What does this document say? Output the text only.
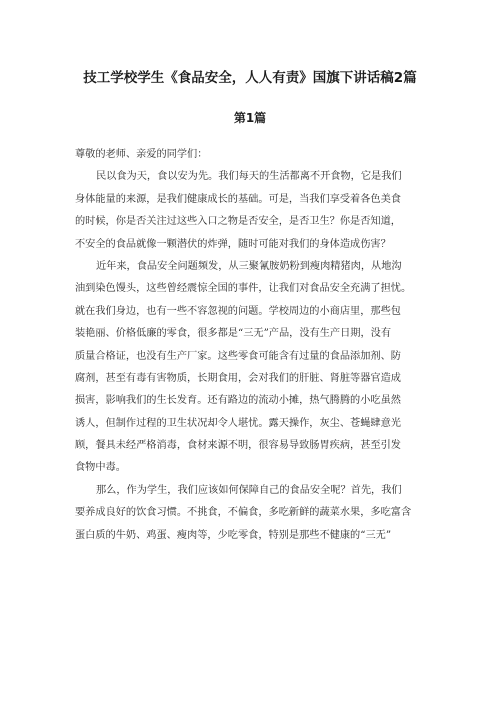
技工学校学生《食品安全，人人有责》国旗下讲话稿2篇
第1篇
尊敬的老师、亲爱的同学们：
民以食为天，食以安为先。我们每天的生活都离不开食物，它是我们
身体能量的来源，是我们健康成长的基础。可是，当我们享受着各色美食
的时候，你是否关注过这些入口之物是否安全，是否卫生？你是否知道，
不安全的食品就像一颗潜伏的炸弹，随时可能对我们的身体造成伤害？
近年来，食品安全问题频发，从三聚氰胺奶粉到瘦肉精猪肉，从地沟
油到染色馒头，这些曾经震惊全国的事件，让我们对食品安全充满了担忧。
就在我们身边，也有一些不容忽视的问题。学校周边的小商店里，那些包
装艳丽、价格低廉的零食，很多都是“三无”产品，没有生产日期，没有
质量合格证，也没有生产厂家。这些零食可能含有过量的食品添加剂、防
腐剂，甚至有毒有害物质，长期食用，会对我们的肝脏、肾脏等器官造成
损害，影响我们的生长发育。还有路边的流动小摊，热气腾腾的小吃虽然
诱人，但制作过程的卫生状况却令人堪忧。露天操作，灰尘、苍蝇肆意光
顾，餐具未经严格消毒，食材来源不明，很容易导致肠胃疾病，甚至引发
食物中毒。
那么，作为学生，我们应该如何保障自己的食品安全呢？首先，我们
要养成良好的饮食习惯。不挑食，不偏食，多吃新鲜的蔬菜水果，多吃富含
蛋白质的牛奶、鸡蛋、瘦肉等，少吃零食，特别是那些不健康的“三无”
